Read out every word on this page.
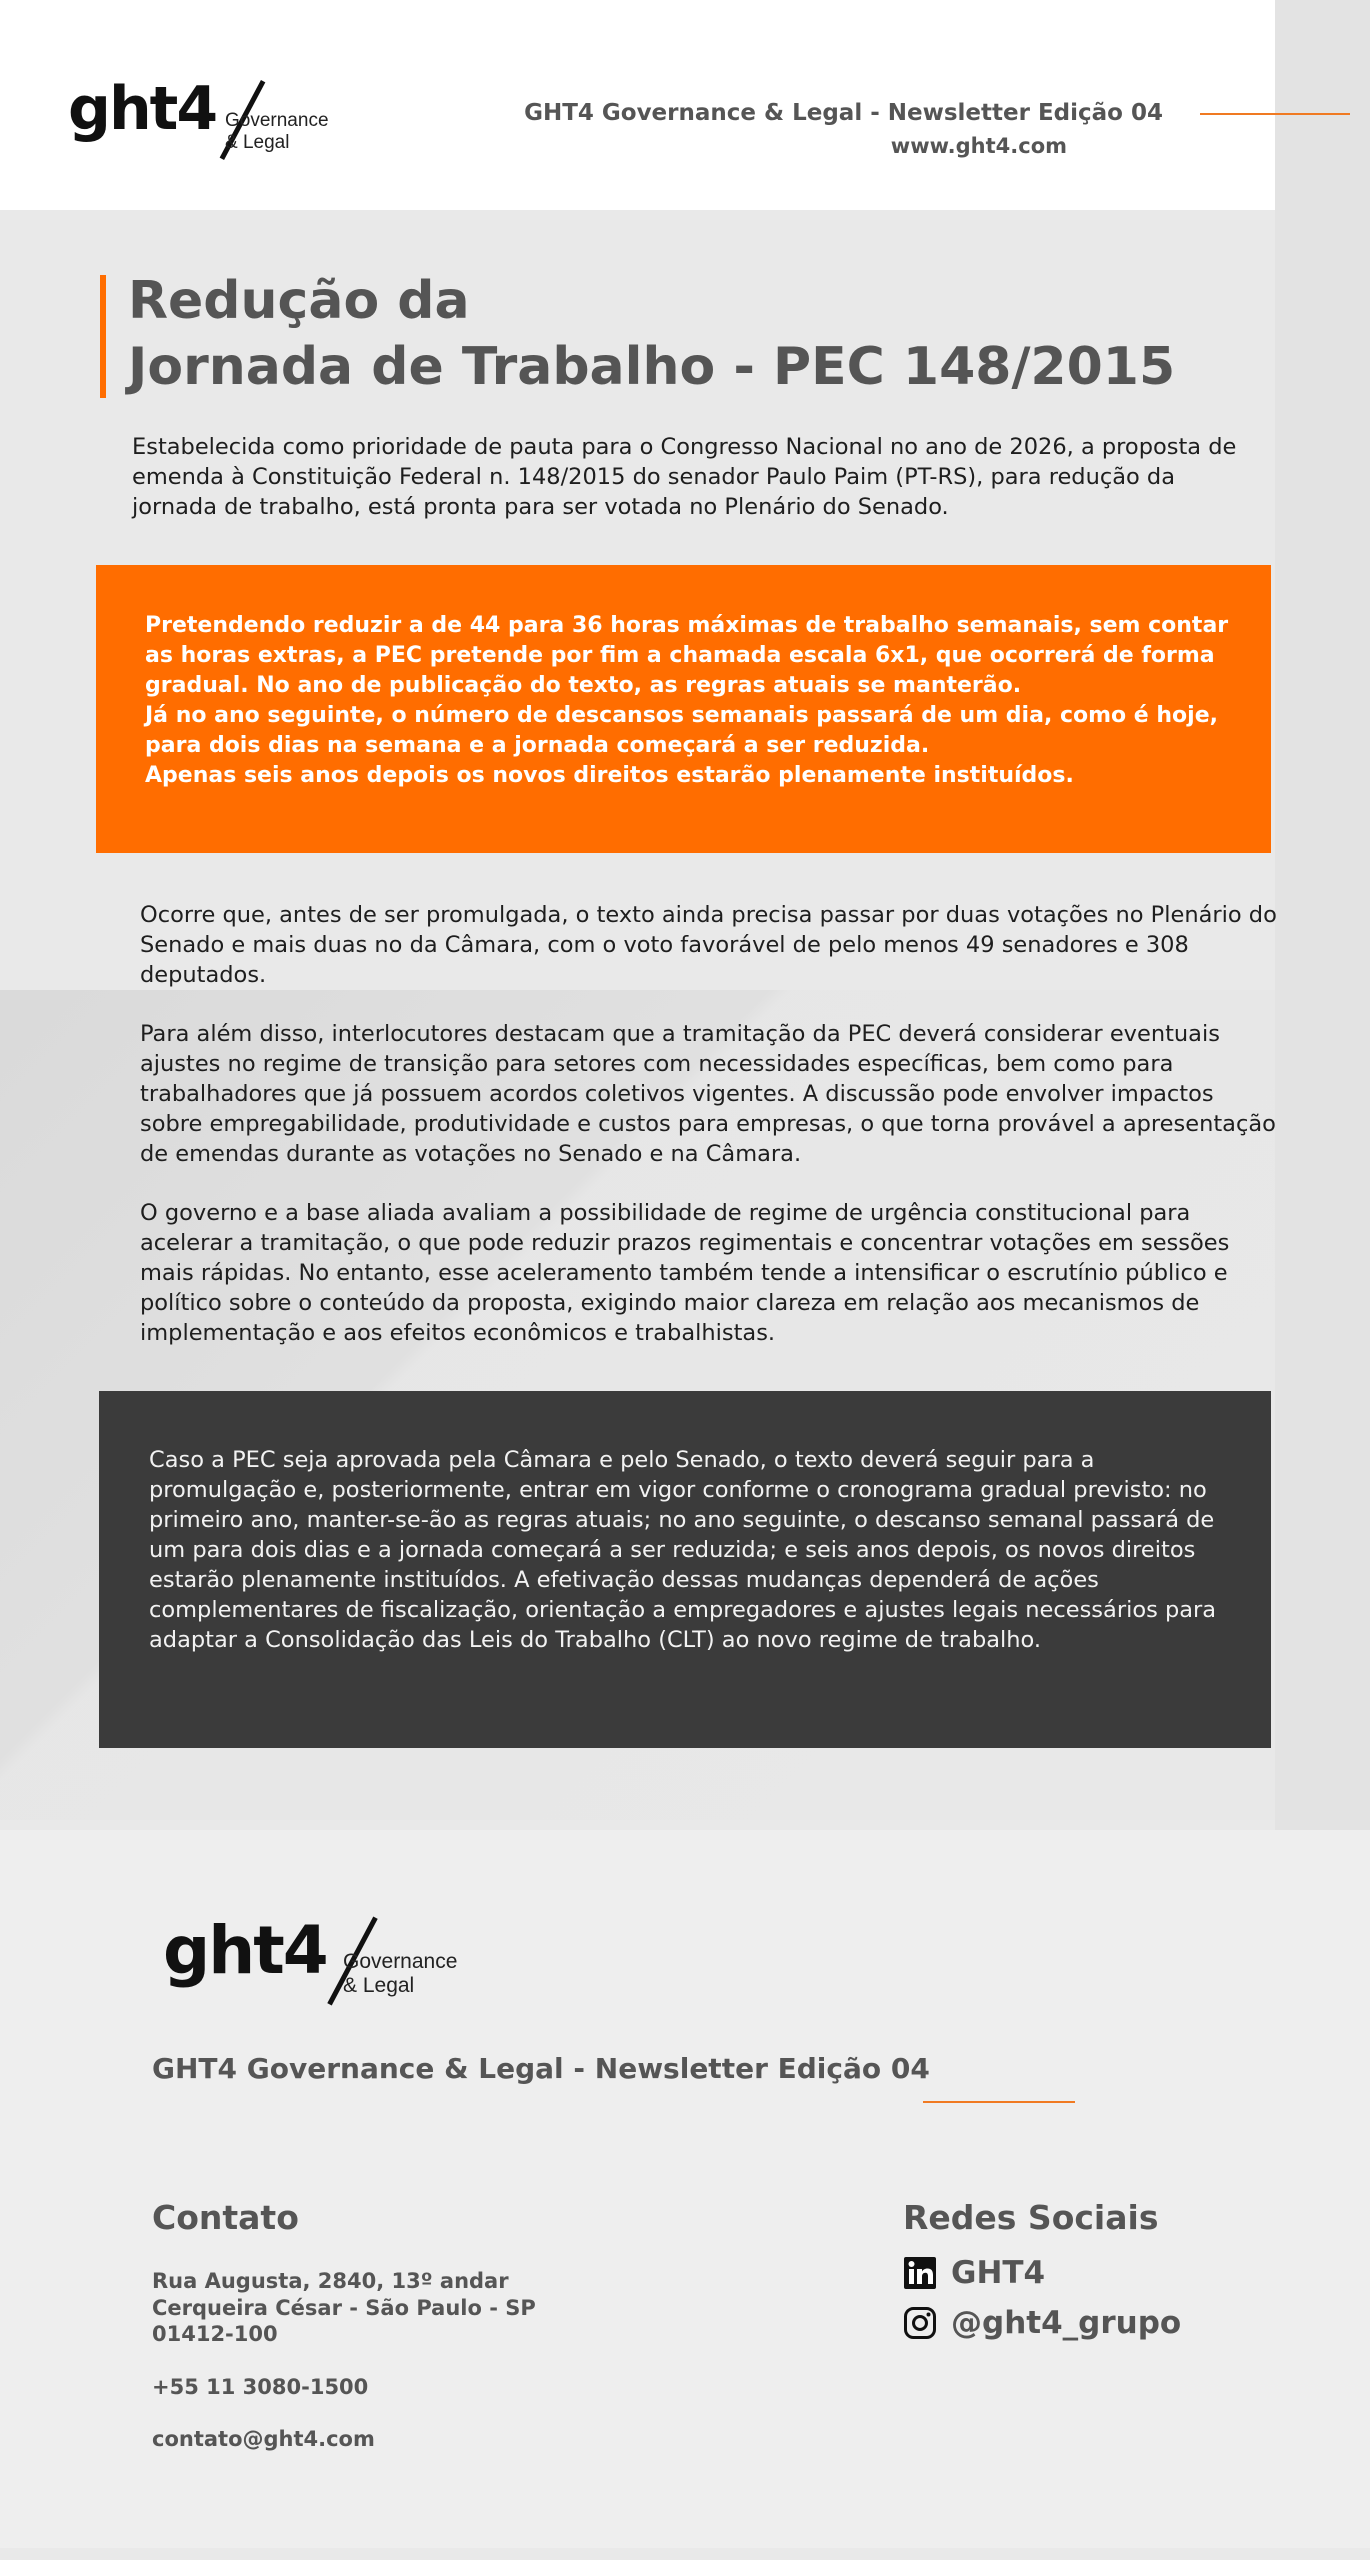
ght4 Governance
& Legal
GHT4 Governance & Legal - Newsletter Edição 04
www.ght4.com
Redução da
Jornada de Trabalho - PEC 148/2015

Estabelecida como prioridade de pauta para o Congresso Nacional no ano de 2026, a proposta de emenda à Constituição Federal n. 148/2015 do senador Paulo Paim (PT-RS), para redução da jornada de trabalho, está pronta para ser votada no Plenário do Senado.

Pretendendo reduzir a de 44 para 36 horas máximas de trabalho semanais, sem contar as horas extras, a PEC pretende por fim a chamada escala 6x1, que ocorrerá de forma gradual. No ano de publicação do texto, as regras atuais se manterão.
Já no ano seguinte, o número de descansos semanais passará de um dia, como é hoje, para dois dias na semana e a jornada começará a ser reduzida.
Apenas seis anos depois os novos direitos estarão plenamente instituídos.

Ocorre que, antes de ser promulgada, o texto ainda precisa passar por duas votações no Plenário do Senado e mais duas no da Câmara, com o voto favorável de pelo menos 49 senadores e 308 deputados.

Para além disso, interlocutores destacam que a tramitação da PEC deverá considerar eventuais ajustes no regime de transição para setores com necessidades específicas, bem como para trabalhadores que já possuem acordos coletivos vigentes. A discussão pode envolver impactos sobre empregabilidade, produtividade e custos para empresas, o que torna provável a apresentação de emendas durante as votações no Senado e na Câmara.

O governo e a base aliada avaliam a possibilidade de regime de urgência constitucional para acelerar a tramitação, o que pode reduzir prazos regimentais e concentrar votações em sessões mais rápidas. No entanto, esse aceleramento também tende a intensificar o escrutínio público e político sobre o conteúdo da proposta, exigindo maior clareza em relação aos mecanismos de implementação e aos efeitos econômicos e trabalhistas.

Caso a PEC seja aprovada pela Câmara e pelo Senado, o texto deverá seguir para a promulgação e, posteriormente, entrar em vigor conforme o cronograma gradual previsto: no primeiro ano, manter-se-ão as regras atuais; no ano seguinte, o descanso semanal passará de um para dois dias e a jornada começará a ser reduzida; e seis anos depois, os novos direitos estarão plenamente instituídos. A efetivação dessas mudanças dependerá de ações complementares de fiscalização, orientação a empregadores e ajustes legais necessários para adaptar a Consolidação das Leis do Trabalho (CLT) ao novo regime de trabalho.

ght4 Governance
& Legal
GHT4 Governance & Legal - Newsletter Edição 04
Contato
Rua Augusta, 2840, 13º andar
Cerqueira César - São Paulo - SP
01412-100
+55 11 3080-1500
contato@ght4.com
Redes Sociais
GHT4
@ght4_grupo
